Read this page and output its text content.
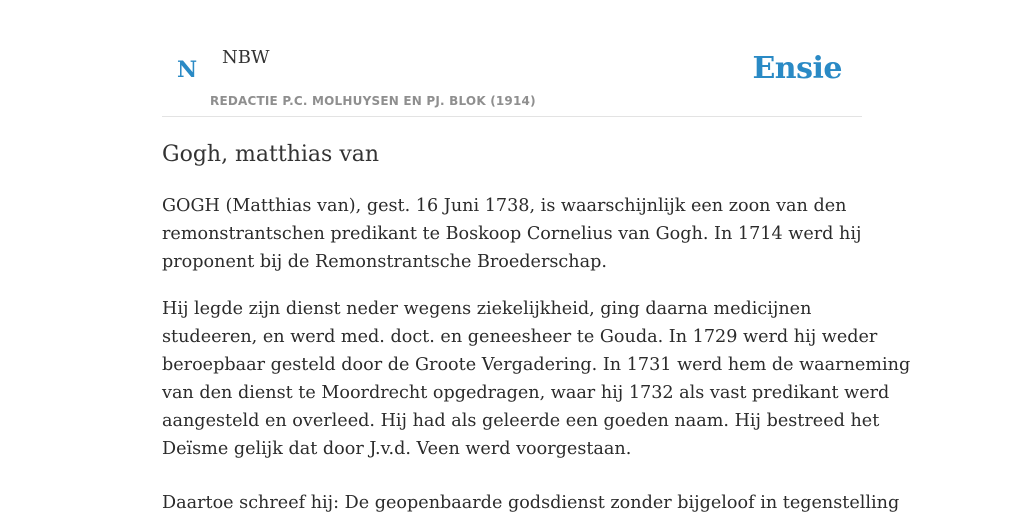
N NBW
REDACTIE P.C. MOLHUYSEN EN PJ. BLOK (1914)
Ensie
Gogh, matthias van

GOGH (Matthias van), gest. 16 Juni 1738, is waarschijnlijk een zoon van den
remonstrantschen predikant te Boskoop Cornelius van Gogh. In 1714 werd hij
proponent bij de Remonstrantsche Broederschap.

Hij legde zijn dienst neder wegens ziekelijkheid, ging daarna medicijnen
studeeren, en werd med. doct. en geneesheer te Gouda. In 1729 werd hij weder
beroepbaar gesteld door de Groote Vergadering. In 1731 werd hem de waarneming
van den dienst te Moordrecht opgedragen, waar hij 1732 als vast predikant werd
aangesteld en overleed. Hij had als geleerde een goeden naam. Hij bestreed het
Deïsme gelijk dat door J.v.d. Veen werd voorgestaan.

Daartoe schreef hij: De geopenbaarde godsdienst zonder bijgeloof in tegenstelling
